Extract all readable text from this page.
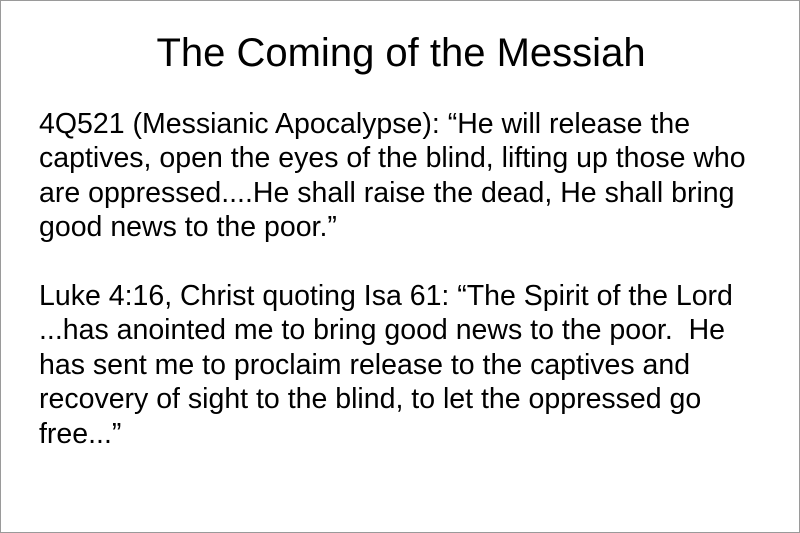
The Coming of the Messiah

4Q521 (Messianic Apocalypse): “He will release the captives, open the eyes of the blind, lifting up those who are oppressed....He shall raise the dead, He shall bring good news to the poor.”

Luke 4:16, Christ quoting Isa 61: “The Spirit of the Lord ...has anointed me to bring good news to the poor.  He has sent me to proclaim release to the captives and recovery of sight to the blind, to let the oppressed go free...”
